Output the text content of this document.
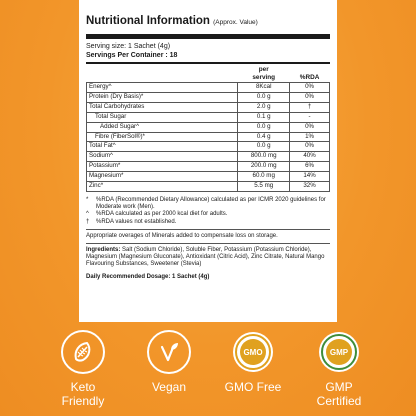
Nutritional Information (Approx. Value)
Serving size: 1 Sachet (4g)
Servings Per Container : 18
	per
serving	%RDA
Energy^	8Kcal	0%
Protein (Dry Basis)*	0.0 g	0%
Total Carbohydrates	2.0 g	†
Total Sugar	0.1 g	-
Added Sugar^	0.0 g	0%
Fibre (FiberSol®)*	0.4 g	1%
Total Fat^	0.0 g	0%
Sodium^	800.0 mg	40%
Potassium*	200.0 mg	6%
Magnesium*	60.0 mg	14%
Zinc*	5.5 mg	32%
*	%RDA (Recommended Dietary Allowance) calculated as per ICMR 2020 guidelines for Moderate work (Men).
^	%RDA calculated as per 2000 kcal diet for adults.
†	%RDA values not established.
Appropriate overages of Minerals added to compensate loss on storage.
Ingredients: Salt (Sodium Chloride), Soluble Fiber, Potassium (Potassium Chloride), Magnesium (Magnesium Gluconate), Antioxidant (Citric Acid), Zinc Citrate, Natural Mango Flavouring Substances, Sweetener (Stevia)
Daily Recommended Dosage: 1 Sachet (4g)
Keto
Friendly
Vegan
GMO
GMO Free
GMP
GMP
Certified
